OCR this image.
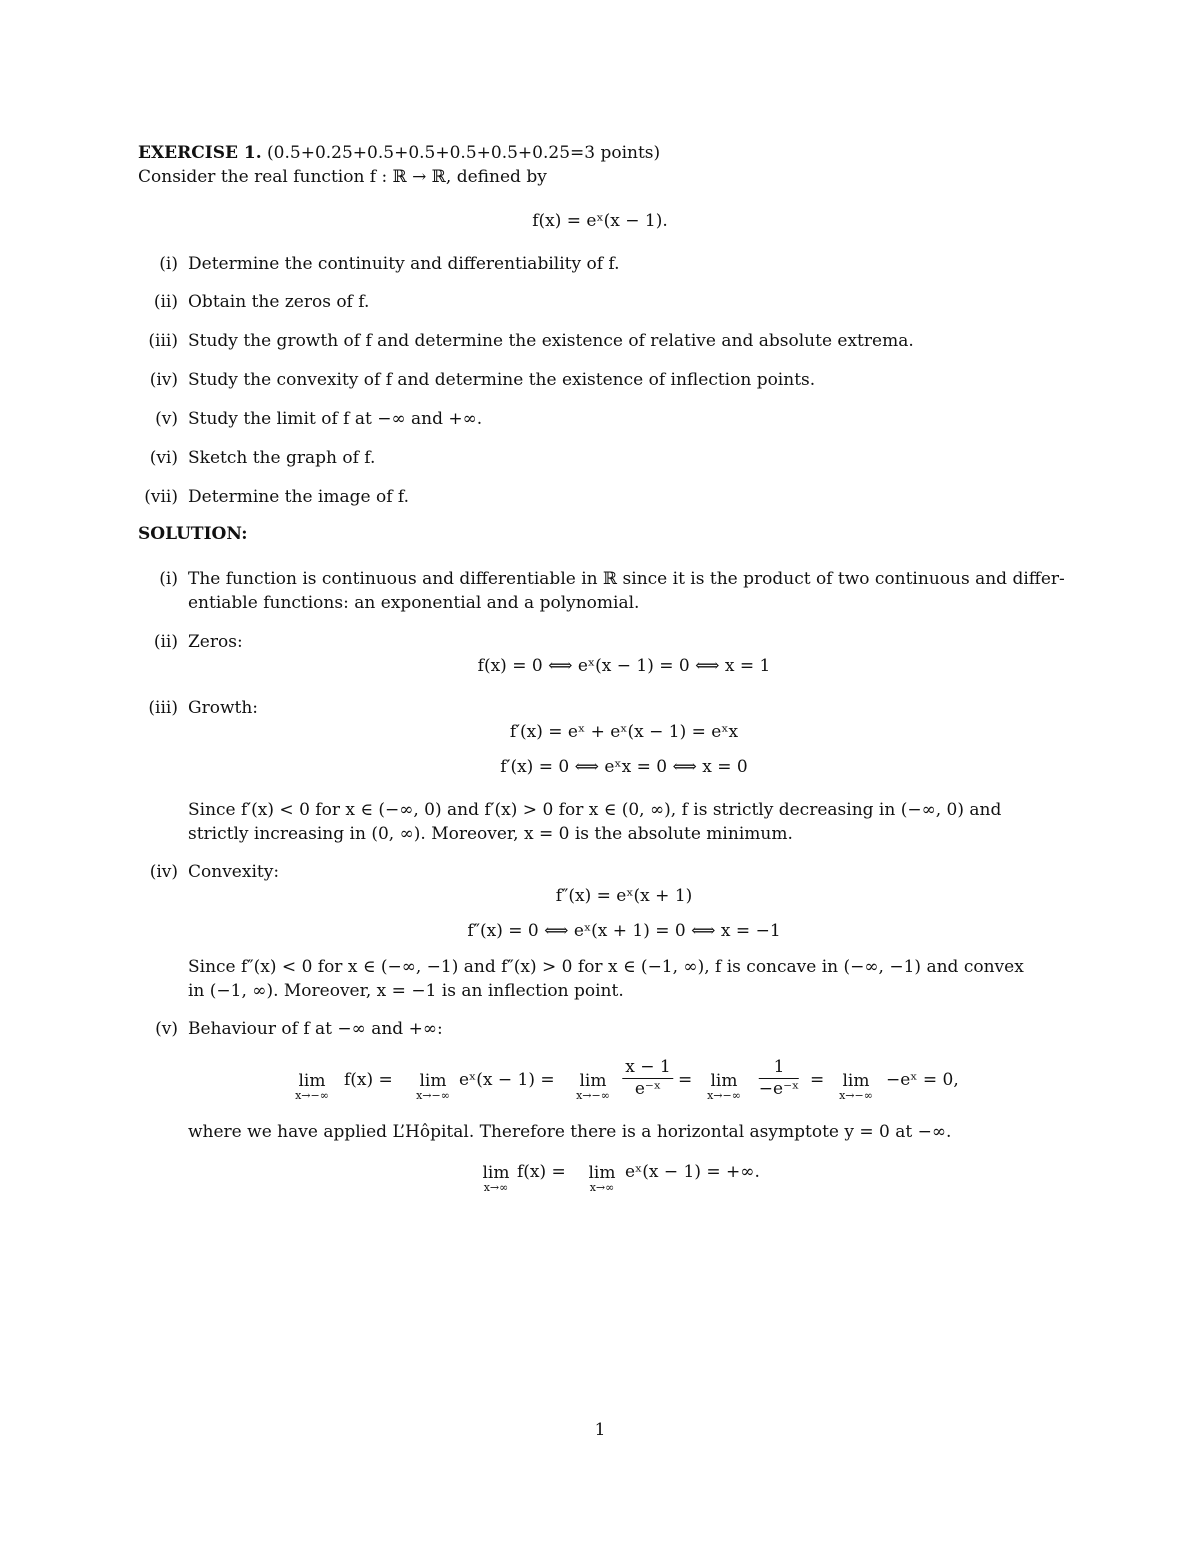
EXERCISE 1. (0.5+0.25+0.5+0.5+0.5+0.5+0.25=3 points)
Consider the real function f : ℝ → ℝ, defined by
f(x) = eˣ(x − 1).
(i) Determine the continuity and differentiability of f.
(ii) Obtain the zeros of f.
(iii) Study the growth of f and determine the existence of relative and absolute extrema.
(iv) Study the convexity of f and determine the existence of inflection points.
(v) Study the limit of f at −∞ and +∞.
(vi) Sketch the graph of f.
(vii) Determine the image of f.
SOLUTION:
(i) The function is continuous and differentiable in ℝ since it is the product of two continuous and differ-
entiable functions: an exponential and a polynomial.
(ii) Zeros:
f(x) = 0 ⟺ eˣ(x − 1) = 0 ⟺ x = 1
(iii) Growth:
f′(x) = eˣ + eˣ(x − 1) = eˣx
f′(x) = 0 ⟺ eˣx = 0 ⟺ x = 0
Since f′(x) < 0 for x ∈ (−∞, 0) and f′(x) > 0 for x ∈ (0, ∞), f is strictly decreasing in (−∞, 0) and
strictly increasing in (0, ∞). Moreover, x = 0 is the absolute minimum.
(iv) Convexity:
f″(x) = eˣ(x + 1)
f″(x) = 0 ⟺ eˣ(x + 1) = 0 ⟺ x = −1
Since f″(x) < 0 for x ∈ (−∞, −1) and f″(x) > 0 for x ∈ (−1, ∞), f is concave in (−∞, −1) and convex
in (−1, ∞). Moreover, x = −1 is an inflection point.
(v) Behaviour of f at −∞ and +∞:
lim
x→−∞
f(x) = lim
x→−∞
eˣ(x − 1) = lim
$x\to-\infty \frac{x - 1}{\text{e⁻ˣ}} = \lim$
$x\to-\infty \frac{1}{\text{−e⁻ˣ}} = \lim$
x→−∞
−eˣ = 0,
where we have applied L’Hôpital. Therefore there is a horizontal asymptote y = 0 at −∞.
lim
x→∞
f(x) = lim
x→∞
eˣ(x − 1) = +∞.
1
